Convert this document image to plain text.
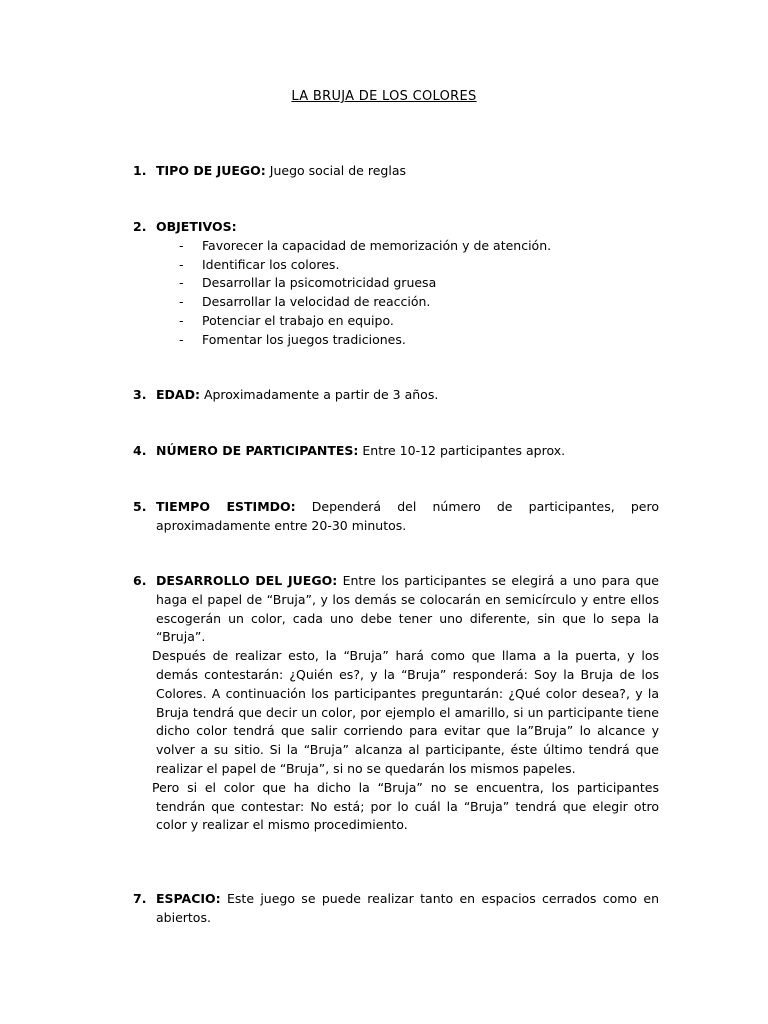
LA BRUJA DE LOS COLORES
1. TIPO DE JUEGO: Juego social de reglas
2. OBJETIVOS:
- Favorecer la capacidad de memorización y de atención.
- Identificar los colores.
- Desarrollar la psicomotricidad gruesa
- Desarrollar la velocidad de reacción.
- Potenciar el trabajo en equipo.
- Fomentar los juegos tradiciones.
3. EDAD: Aproximadamente a partir de 3 años.
4. NÚMERO DE PARTICIPANTES: Entre 10-12 participantes aprox.
5. TIEMPO ESTIMDO: Dependerá del número de participantes, pero aproximadamente entre 20-30 minutos.
6. DESARROLLO DEL JUEGO: Entre los participantes se elegirá a uno para que haga el papel de “Bruja”, y los demás se colocarán en semicírculo y entre ellos escogerán un color, cada uno debe tener uno diferente, sin que lo sepa la “Bruja”.
Después de realizar esto, la “Bruja” hará como que llama a la puerta, y los demás contestarán: ¿Quién es?, y la “Bruja” responderá: Soy la Bruja de los Colores. A continuación los participantes preguntarán: ¿Qué color desea?, y la Bruja tendrá que decir un color, por ejemplo el amarillo, si un participante tiene dicho color tendrá que salir corriendo para evitar que la”Bruja” lo alcance y volver a su sitio. Si la “Bruja” alcanza al participante, éste último tendrá que realizar el papel de “Bruja”, si no se quedarán los mismos papeles.
Pero si el color que ha dicho la “Bruja” no se encuentra, los participantes tendrán que contestar: No está; por lo cuál la “Bruja” tendrá que elegir otro color y realizar el mismo procedimiento.
7. ESPACIO: Este juego se puede realizar tanto en espacios cerrados como en abiertos.
